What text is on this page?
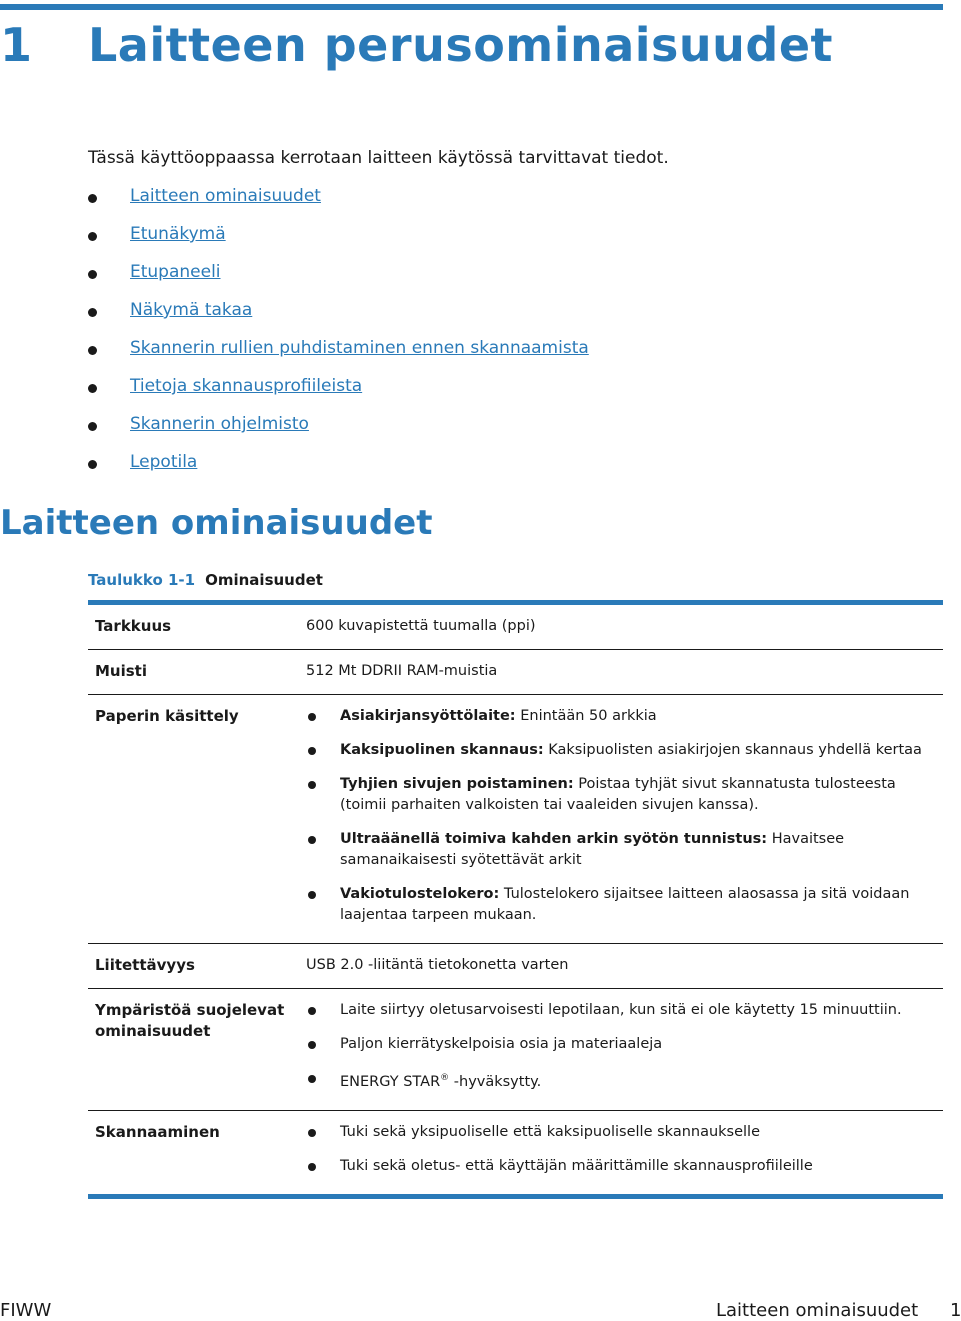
1 Laitteen perusominaisuudet

Tässä käyttöoppaassa kerrotaan laitteen käytössä tarvittavat tiedot.

Laitteen ominaisuudet
Etunäkymä
Etupaneeli
Näkymä takaa
Skannerin rullien puhdistaminen ennen skannaamista
Tietoja skannausprofiileista
Skannerin ohjelmisto
Lepotila
Laitteen ominaisuudet
Taulukko 1-1 Ominaisuudet
Tarkkuus	600 kuvapistettä tuumalla (ppi)
Muisti	512 Mt DDRII RAM-muistia
Paperin käsittely	Asiakirjansyöttölaite: Enintään 50 arkkia
Kaksipuolinen skannaus: Kaksipuolisten asiakirjojen skannaus yhdellä kertaa
Tyhjien sivujen poistaminen: Poistaa tyhjät sivut skannatusta tulosteesta (toimii parhaiten valkoisten tai vaaleiden sivujen kanssa).
Ultraäänellä toimiva kahden arkin syötön tunnistus: Havaitsee samanaikaisesti syötettävät arkit
Vakiotulostelokero: Tulostelokero sijaitsee laitteen alaosassa ja sitä voidaan laajentaa tarpeen mukaan.
Liitettävyys	USB 2.0 -liitäntä tietokonetta varten
Ympäristöä suojelevat ominaisuudet
Laite siirtyy oletusarvoisesti lepotilaan, kun sitä ei ole käytetty 15 minuuttiin.
Paljon kierrätyskelpoisia osia ja materiaaleja
ENERGY STAR® -hyväksytty.
Skannaaminen	Tuki sekä yksipuoliselle että kaksipuoliselle skannaukselle
Tuki sekä oletus- että käyttäjän määrittämille skannausprofiileille
FIWW	Laitteen ominaisuudet 1
